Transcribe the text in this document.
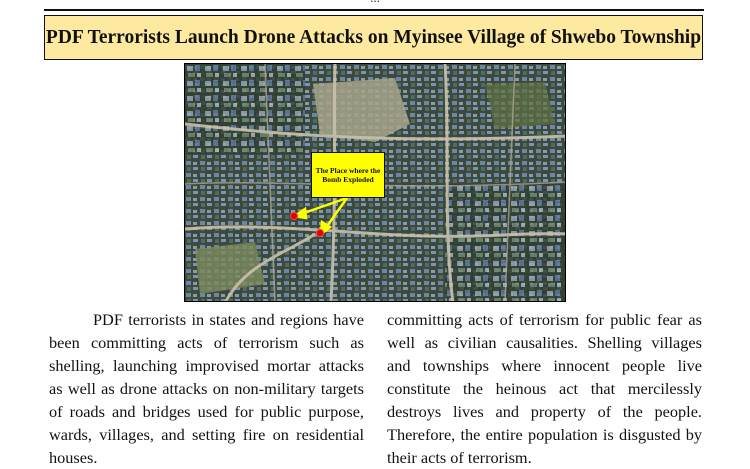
PDF Terrorists Launch Drone Attacks on Myinsee Village of Shwebo Township
The Place where the Bomb Exploded

PDF terrorists in states and regions have been committing acts of terrorism such as shelling, launching improvised mortar attacks as well as drone attacks on non-military targets of roads and bridges used for public purpose, wards, villages, and setting fire on residential houses.

committing acts of terrorism for public fear as well as civilian causalities. Shelling villages and townships where innocent people live constitute the heinous act that mercilessly destroys lives and property of the people. Therefore, the entire population is disgusted by their acts of terrorism.
